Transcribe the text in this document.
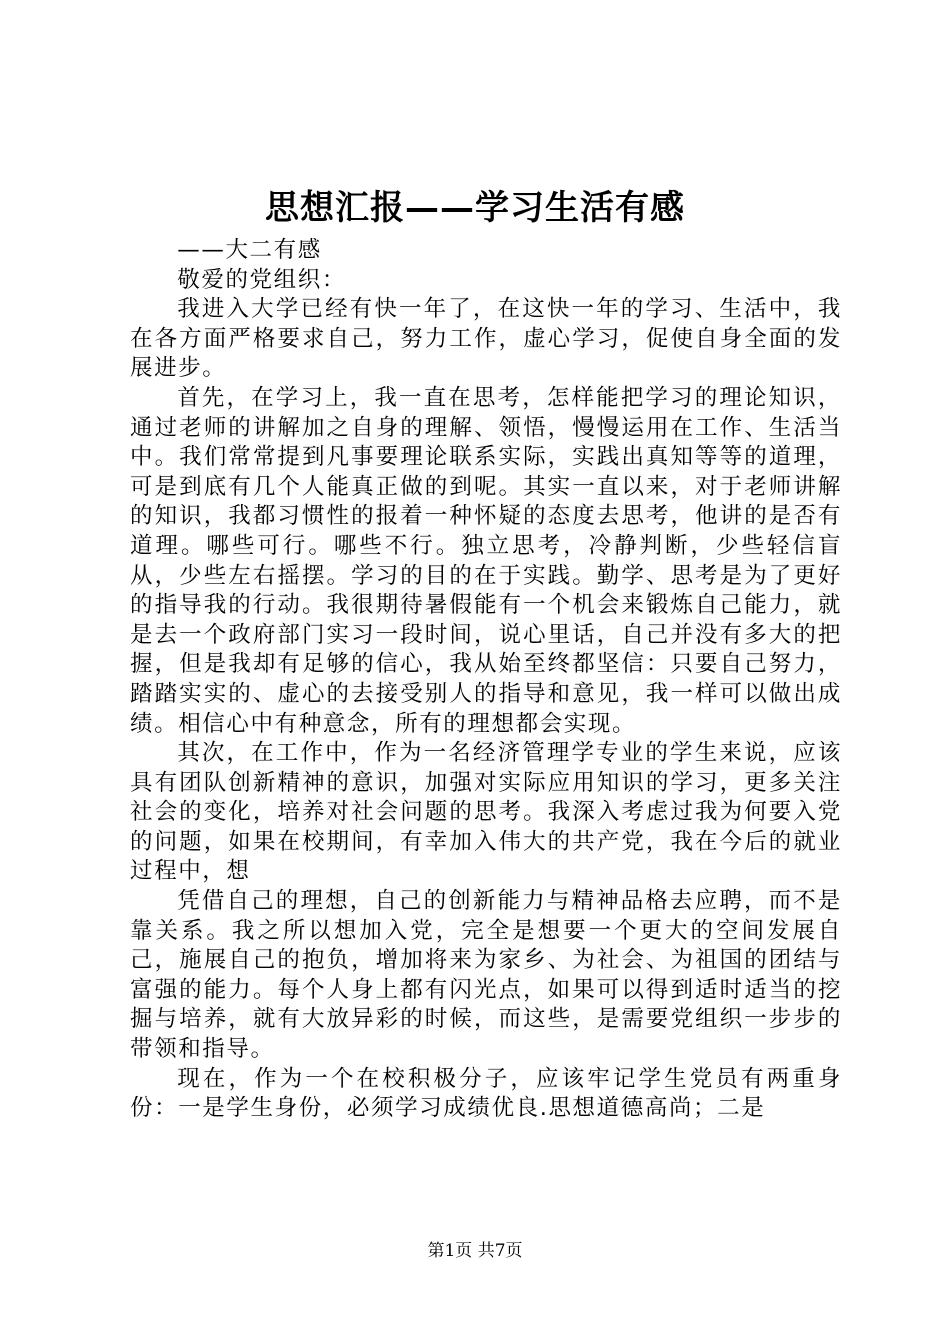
思想汇报——学习生活有感

——大二有感

敬爱的党组织：

我进入大学已经有快一年了，在这快一年的学习、生活中，我在各方面严格要求自己，努力工作，虚心学习，促使自身全面的发展进步。

首先，在学习上，我一直在思考，怎样能把学习的理论知识，通过老师的讲解加之自身的理解、领悟，慢慢运用在工作、生活当中。我们常常提到凡事要理论联系实际，实践出真知等等的道理，可是到底有几个人能真正做的到呢。其实一直以来，对于老师讲解的知识，我都习惯性的报着一种怀疑的态度去思考，他讲的是否有道理。哪些可行。哪些不行。独立思考，冷静判断，少些轻信盲从，少些左右摇摆。学习的目的在于实践。勤学、思考是为了更好的指导我的行动。我很期待暑假能有一个机会来锻炼自己能力，就是去一个政府部门实习一段时间，说心里话，自己并没有多大的把握，但是我却有足够的信心，我从始至终都坚信：只要自己努力，踏踏实实的、虚心的去接受别人的指导和意见，我一样可以做出成绩。相信心中有种意念，所有的理想都会实现。

其次，在工作中，作为一名经济管理学专业的学生来说，应该具有团队创新精神的意识，加强对实际应用知识的学习，更多关注社会的变化，培养对社会问题的思考。我深入考虑过我为何要入党的问题，如果在校期间，有幸加入伟大的共产党，我在今后的就业过程中，想

凭借自己的理想，自己的创新能力与精神品格去应聘，而不是靠关系。我之所以想加入党，完全是想要一个更大的空间发展自己，施展自己的抱负，增加将来为家乡、为社会、为祖国的团结与富强的能力。每个人身上都有闪光点，如果可以得到适时适当的挖掘与培养，就有大放异彩的时候，而这些，是需要党组织一步步的带领和指导。

现在，作为一个在校积极分子，应该牢记学生党员有两重身份：一是学生身份，必须学习成绩优良.思想道德高尚；二是

第1页 共7页
